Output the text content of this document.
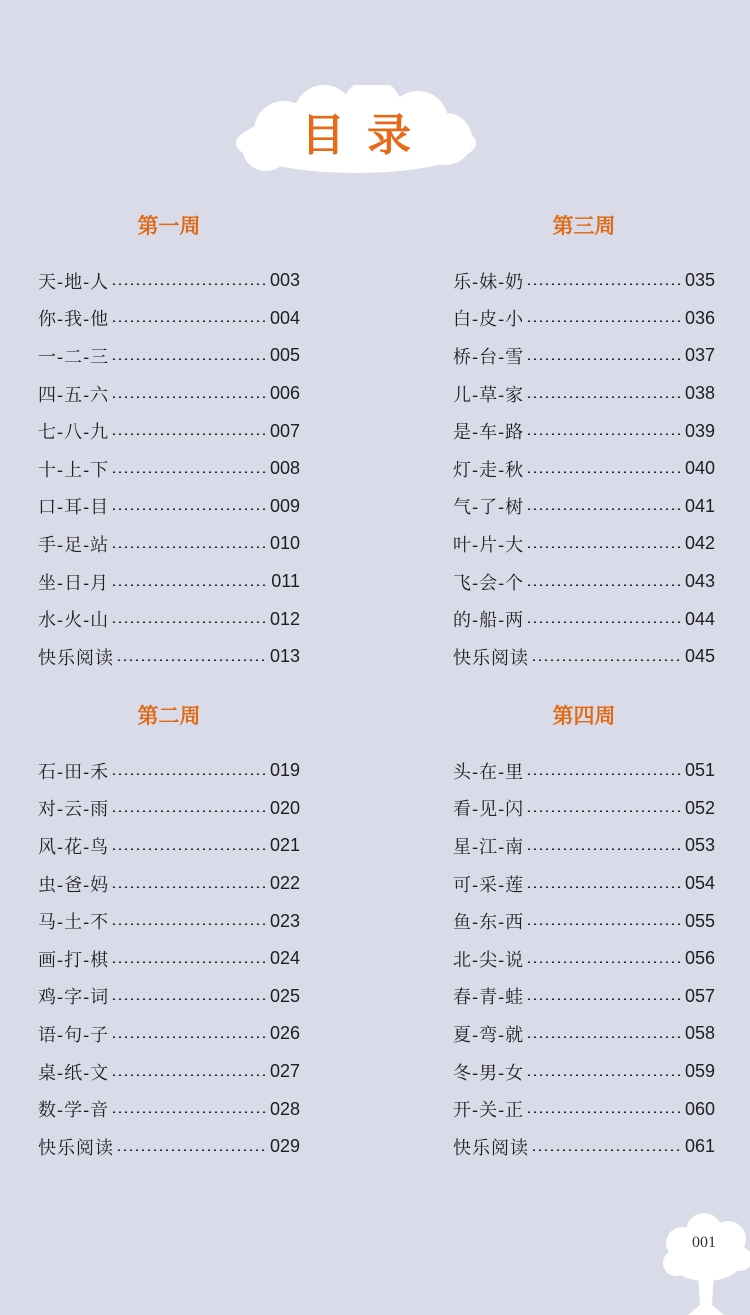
目录
第一周
天-地-人	003
你-我-他	004
一-二-三	005
四-五-六	006
七-八-九	007
十-上-下	008
口-耳-目	009
手-足-站	010
坐-日-月	011
水-火-山	012
快乐阅读	013
第三周
乐-妹-奶	035
白-皮-小	036
桥-台-雪	037
儿-草-家	038
是-车-路	039
灯-走-秋	040
气-了-树	041
叶-片-大	042
飞-会-个	043
的-船-两	044
快乐阅读	045
第二周
石-田-禾	019
对-云-雨	020
风-花-鸟	021
虫-爸-妈	022
马-土-不	023
画-打-棋	024
鸡-字-词	025
语-句-子	026
桌-纸-文	027
数-学-音	028
快乐阅读	029
第四周
头-在-里	051
看-见-闪	052
星-江-南	053
可-采-莲	054
鱼-东-西	055
北-尖-说	056
春-青-蛙	057
夏-弯-就	058
冬-男-女	059
开-关-正	060
快乐阅读	061
001
